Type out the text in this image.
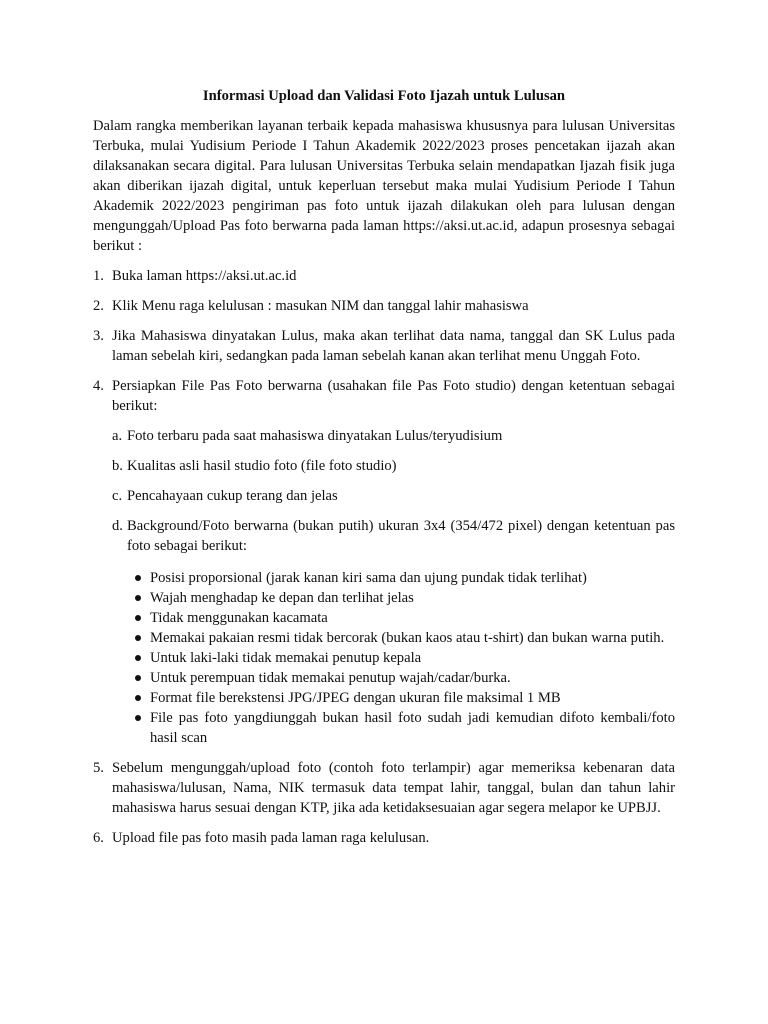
Informasi Upload dan Validasi Foto Ijazah untuk Lulusan

Dalam rangka memberikan layanan terbaik kepada mahasiswa khususnya para lulusan Universitas Terbuka, mulai Yudisium Periode I Tahun Akademik 2022/2023 proses pencetakan ijazah akan dilaksanakan secara digital. Para lulusan Universitas Terbuka selain mendapatkan Ijazah fisik juga akan diberikan ijazah digital, untuk keperluan tersebut maka mulai Yudisium Periode I Tahun Akademik 2022/2023 pengiriman pas foto untuk ijazah dilakukan oleh para lulusan dengan mengunggah/Upload Pas foto berwarna pada laman https://aksi.ut.ac.id, adapun prosesnya sebagai berikut :

1. Buka laman https://aksi.ut.ac.id
2. Klik Menu raga kelulusan : masukan NIM dan tanggal lahir mahasiswa
3. Jika Mahasiswa dinyatakan Lulus, maka akan terlihat data nama, tanggal dan SK Lulus pada laman sebelah kiri, sedangkan pada laman sebelah kanan akan terlihat menu Unggah Foto.
4. Persiapkan File Pas Foto berwarna (usahakan file Pas Foto studio) dengan ketentuan sebagai berikut:
a. Foto terbaru pada saat mahasiswa dinyatakan Lulus/teryudisium
b. Kualitas asli hasil studio foto (file foto studio)
c. Pencahayaan cukup terang dan jelas
d. Background/Foto berwarna (bukan putih) ukuran 3x4 (354/472 pixel) dengan ketentuan pas foto sebagai berikut:
Posisi proporsional (jarak kanan kiri sama dan ujung pundak tidak terlihat)
Wajah menghadap ke depan dan terlihat jelas
Tidak menggunakan kacamata
Memakai pakaian resmi tidak bercorak (bukan kaos atau t-shirt) dan bukan warna putih.
Untuk laki-laki tidak memakai penutup kepala
Untuk perempuan tidak memakai penutup wajah/cadar/burka.
Format file berekstensi JPG/JPEG dengan ukuran file maksimal 1 MB
File pas foto yangdiunggah bukan hasil foto sudah jadi kemudian difoto kembali/foto hasil scan
5. Sebelum mengunggah/upload foto (contoh foto terlampir) agar memeriksa kebenaran data mahasiswa/lulusan, Nama, NIK termasuk data tempat lahir, tanggal, bulan dan tahun lahir mahasiswa harus sesuai dengan KTP, jika ada ketidaksesuaian agar segera melapor ke UPBJJ.
6. Upload file pas foto masih pada laman raga kelulusan.
